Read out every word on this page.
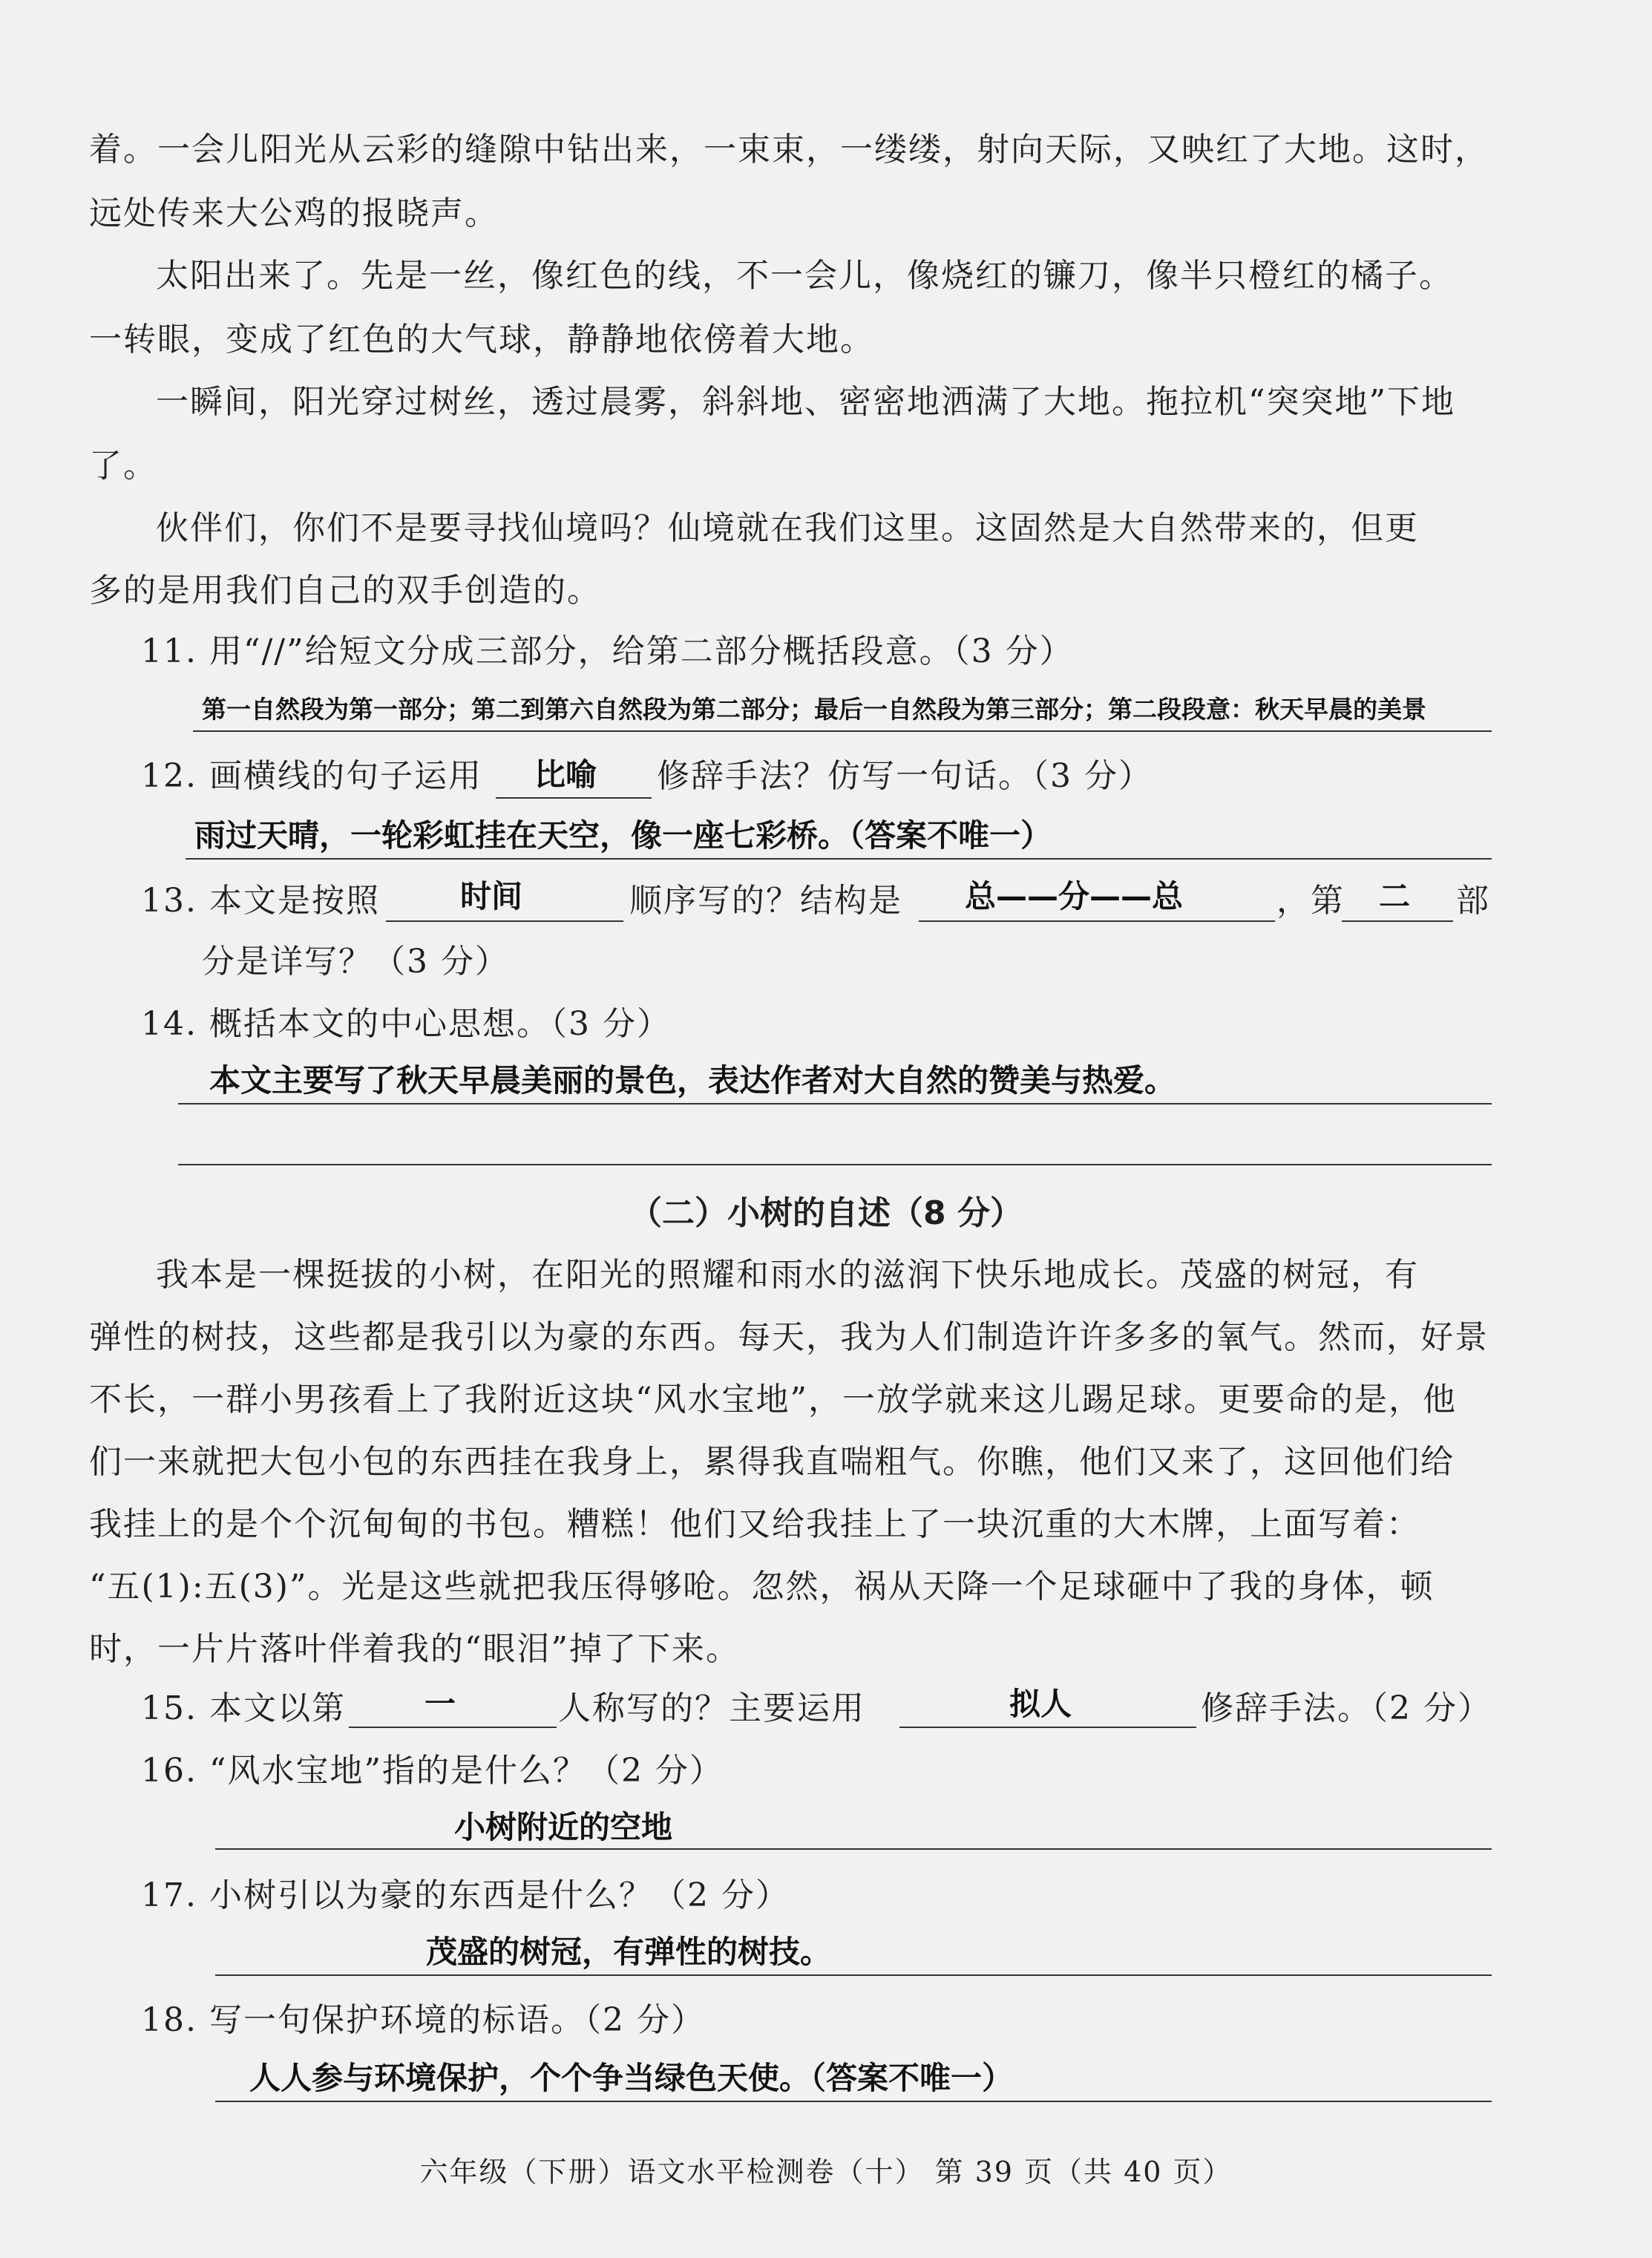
着。一会儿阳光从云彩的缝隙中钻出来，一束束，一缕缕，射向天际，又映红了大地。这时，
远处传来大公鸡的报晓声。
太阳出来了。先是一丝，像红色的线，不一会儿，像烧红的镰刀，像半只橙红的橘子。
一转眼，变成了红色的大气球，静静地依傍着大地。
一瞬间，阳光穿过树丝，透过晨雾，斜斜地、密密地洒满了大地。拖拉机“突突地”下地
了。
伙伴们，你们不是要寻找仙境吗？仙境就在我们这里。这固然是大自然带来的，但更
多的是用我们自己的双手创造的。
11. 用“//”给短文分成三部分，给第二部分概括段意。（3 分）
第一自然段为第一部分；第二到第六自然段为第二部分；最后一自然段为第三部分；第二段段意：秋天早晨的美景
12. 画横线的句子运用 比喻 修辞手法？仿写一句话。（3 分）
雨过天晴，一轮彩虹挂在天空，像一座七彩桥。（答案不唯一）
13. 本文是按照	时间	顺序写的？结构是 总——分——总	，第 二 部
分是详写？（3 分）
14. 概括本文的中心思想。（3 分）
本文主要写了秋天早晨美丽的景色，表达作者对大自然的赞美与热爱。
（二）小树的自述（8 分）
我本是一棵挺拔的小树，在阳光的照耀和雨水的滋润下快乐地成长。茂盛的树冠，有
弹性的树技，这些都是我引以为豪的东西。每天，我为人们制造许许多多的氧气。然而，好景
不长，一群小男孩看上了我附近这块“风水宝地”，一放学就来这儿踢足球。更要命的是，他
们一来就把大包小包的东西挂在我身上，累得我直喘粗气。你瞧，他们又来了，这回他们给
我挂上的是个个沉甸甸的书包。糟糕！他们又给我挂上了一块沉重的大木牌，上面写着：
“五(1):五(3)”。光是这些就把我压得够呛。忽然，祸从天降一个足球砸中了我的身体，顿
时，一片片落叶伴着我的“眼泪”掉了下来。
15. 本文以第	一	人称写的？主要运用	拟人	修辞手法。（2 分）
16. “风水宝地”指的是什么？（2 分）
小树附近的空地
17. 小树引以为豪的东西是什么？（2 分）
茂盛的树冠，有弹性的树技。
18. 写一句保护环境的标语。（2 分）
人人参与环境保护，个个争当绿色天使。（答案不唯一）
六年级（下册）语文水平检测卷（十） 第 39 页（共 40 页）
